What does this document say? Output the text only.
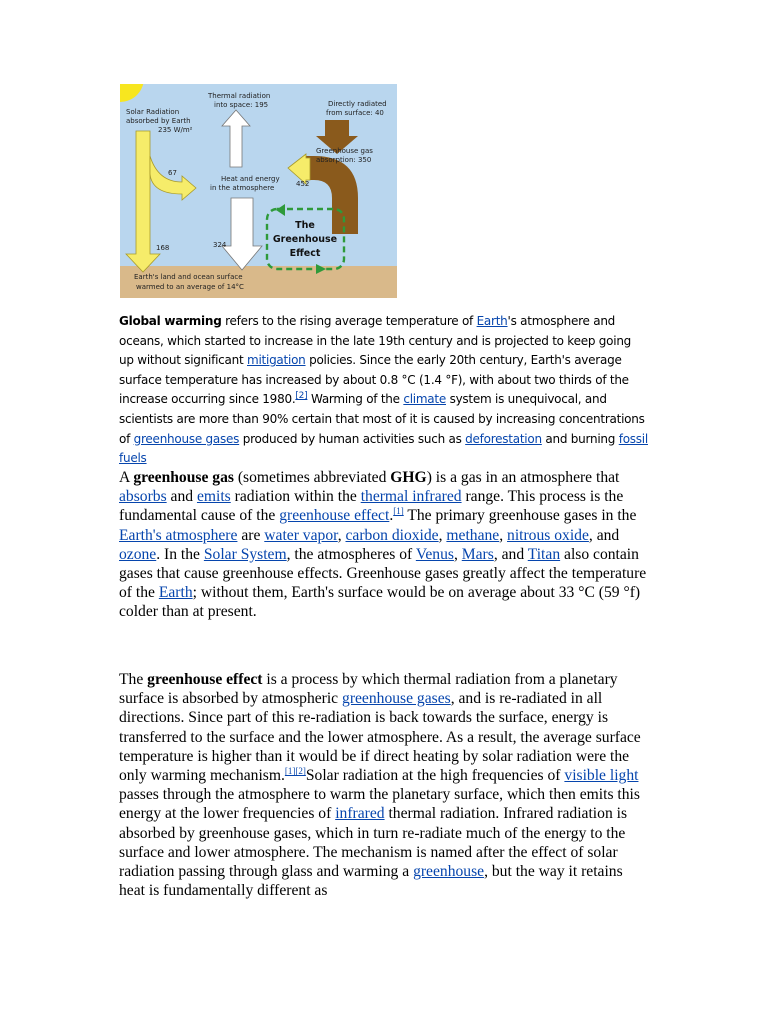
Thermal radiation into space: 195
Solar Radiation absorbed by Earth 235 W/m²
Directly radiated from surface: 40
Greenhouse gas absorption: 350
67
Heat and energy in the atmosphere	452
324
168
The Greenhouse Effect
Earth's land and ocean surface warmed to an average of 14°C

Global warming refers to the rising average temperature of Earth's atmosphere and oceans, which started to increase in the late 19th century and is projected to keep going up without significant mitigation policies. Since the early 20th century, Earth's average surface temperature has increased by about 0.8 °C (1.4 °F), with about two thirds of the increase occurring since 1980.[2] Warming of the climate system is unequivocal, and scientists are more than 90% certain that most of it is caused by increasing concentrations of greenhouse gases produced by human activities such as deforestation and burning fossil fuels

A greenhouse gas (sometimes abbreviated GHG) is a gas in an atmosphere that absorbs and emits radiation within the thermal infrared range. This process is the fundamental cause of the greenhouse effect.[1] The primary greenhouse gases in the Earth's atmosphere are water vapor, carbon dioxide, methane, nitrous oxide, and ozone. In the Solar System, the atmospheres of Venus, Mars, and Titan also contain gases that cause greenhouse effects. Greenhouse gases greatly affect the temperature of the Earth; without them, Earth's surface would be on average about 33 °C (59 °f) colder than at present.

The greenhouse effect is a process by which thermal radiation from a planetary surface is absorbed by atmospheric greenhouse gases, and is re-radiated in all directions. Since part of this re-radiation is back towards the surface, energy is transferred to the surface and the lower atmosphere. As a result, the average surface temperature is higher than it would be if direct heating by solar radiation were the only warming mechanism.[1][2]Solar radiation at the high frequencies of visible light passes through the atmosphere to warm the planetary surface, which then emits this energy at the lower frequencies of infrared thermal radiation. Infrared radiation is absorbed by greenhouse gases, which in turn re-radiate much of the energy to the surface and lower atmosphere. The mechanism is named after the effect of solar radiation passing through glass and warming a greenhouse, but the way it retains heat is fundamentally different as
